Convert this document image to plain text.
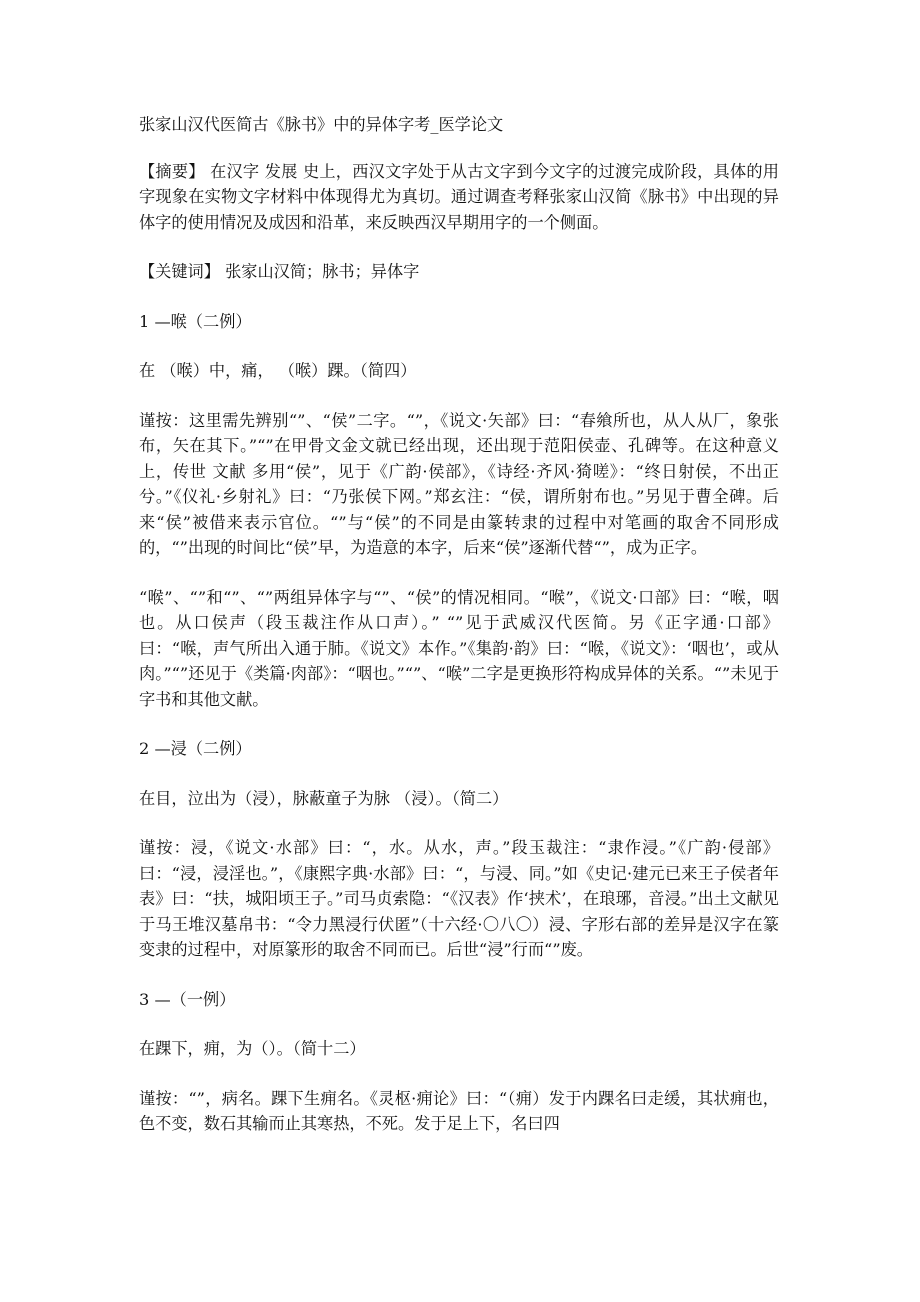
张家山汉代医简古《脉书》中的异体字考_医学论文

【摘要】 在汉字 发展 史上，西汉文字处于从古文字到今文字的过渡完成阶段，具体的用字现象在实物文字材料中体现得尤为真切。通过调查考释张家山汉简《脉书》中出现的异体字的使用情况及成因和沿革，来反映西汉早期用字的一个侧面。

【关键词】 张家山汉简；脉书；异体字

1 —喉（二例）

在 （喉）中，痛， （喉）踝。（简四）

谨按：这里需先辨别“”、“侯”二字。“”，《说文·矢部》曰：“春飨所也，从人从厂，象张布，矢在其下。”“”在甲骨文金文就已经出现，还出现于范阳侯壶、孔碑等。在这种意义上，传世 文献 多用“侯”，见于《广韵·侯部》，《诗经·齐风·猗嗟》：“终日射侯，不出正兮。”《仪礼·乡射礼》曰：“乃张侯下网。”郑玄注：“侯，谓所射布也。”另见于曹全碑。后来“侯”被借来表示官位。“”与“侯”的不同是由篆转隶的过程中对笔画的取舍不同形成的，“”出现的时间比“侯”早，为造意的本字，后来“侯”逐渐代替“”，成为正字。

“喉”、“”和“”、“”两组异体字与“”、“侯”的情况相同。“喉”，《说文·口部》曰：“喉，咽也。从口侯声（段玉裁注作从口声）。” “”见于武威汉代医简。另《正字通·口部》曰：“喉，声气所出入通于肺。《说文》本作。”《集韵·韵》曰：“喉，《说文》：‘咽也’，或从肉。”“”还见于《类篇·肉部》：“咽也。”“”、“喉”二字是更换形符构成异体的关系。“”未见于字书和其他文献。

2 —浸（二例）

在目，泣出为（浸），脉蔽童子为脉 （浸）。（简二）

谨按：浸，《说文·水部》曰：“，水。从水，声。”段玉裁注：“隶作浸。”《广韵·侵部》曰：“浸，浸淫也。”，《康熙字典·水部》曰：“，与浸、同。”如《史记·建元已来王子侯者年表》曰：“扶，城阳顷王子。”司马贞索隐：“《汉表》作‘挟术’，在琅琊，音浸。”出土文献见于马王堆汉墓帛书：“令力黑浸行伏匿”（十六经·〇八〇）浸、字形右部的差异是汉字在篆变隶的过程中，对原篆形的取舍不同而已。后世“浸”行而“”废。

3 —（一例）

在踝下，痈，为（）。（简十二）

谨按：“”，病名。踝下生痈名。《灵枢·痈论》曰：“（痈）发于内踝名曰走缓，其状痈也，色不变，数石其输而止其寒热，不死。发于足上下，名曰四
